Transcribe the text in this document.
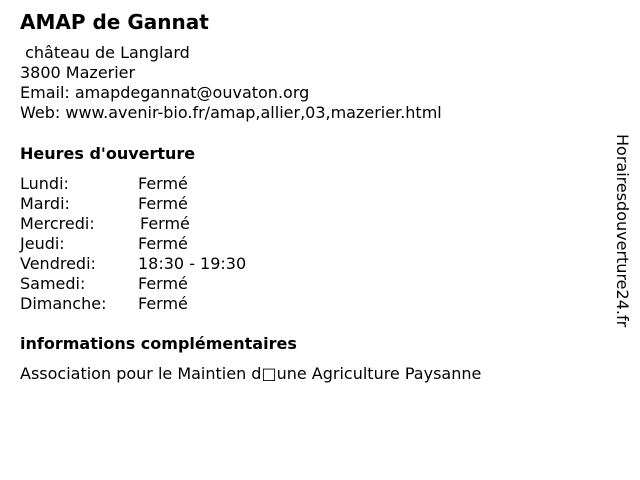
AMAP de Gannat
château de Langlard
3800 Mazerier
Email: amapdegannat@ouvaton.org
Web: www.avenir-bio.fr/amap,allier,03,mazerier.html
Heures d'ouverture
Lundi:	Fermé
Mardi:	Fermé
Mercredi:	Fermé
Jeudi:	Fermé
Vendredi:	18:30 - 19:30
Samedi:	Fermé
Dimanche: Fermé
informations complémentaires
Association pour le Maintien d□une Agriculture Paysanne
Horairesdouverture24.fr
